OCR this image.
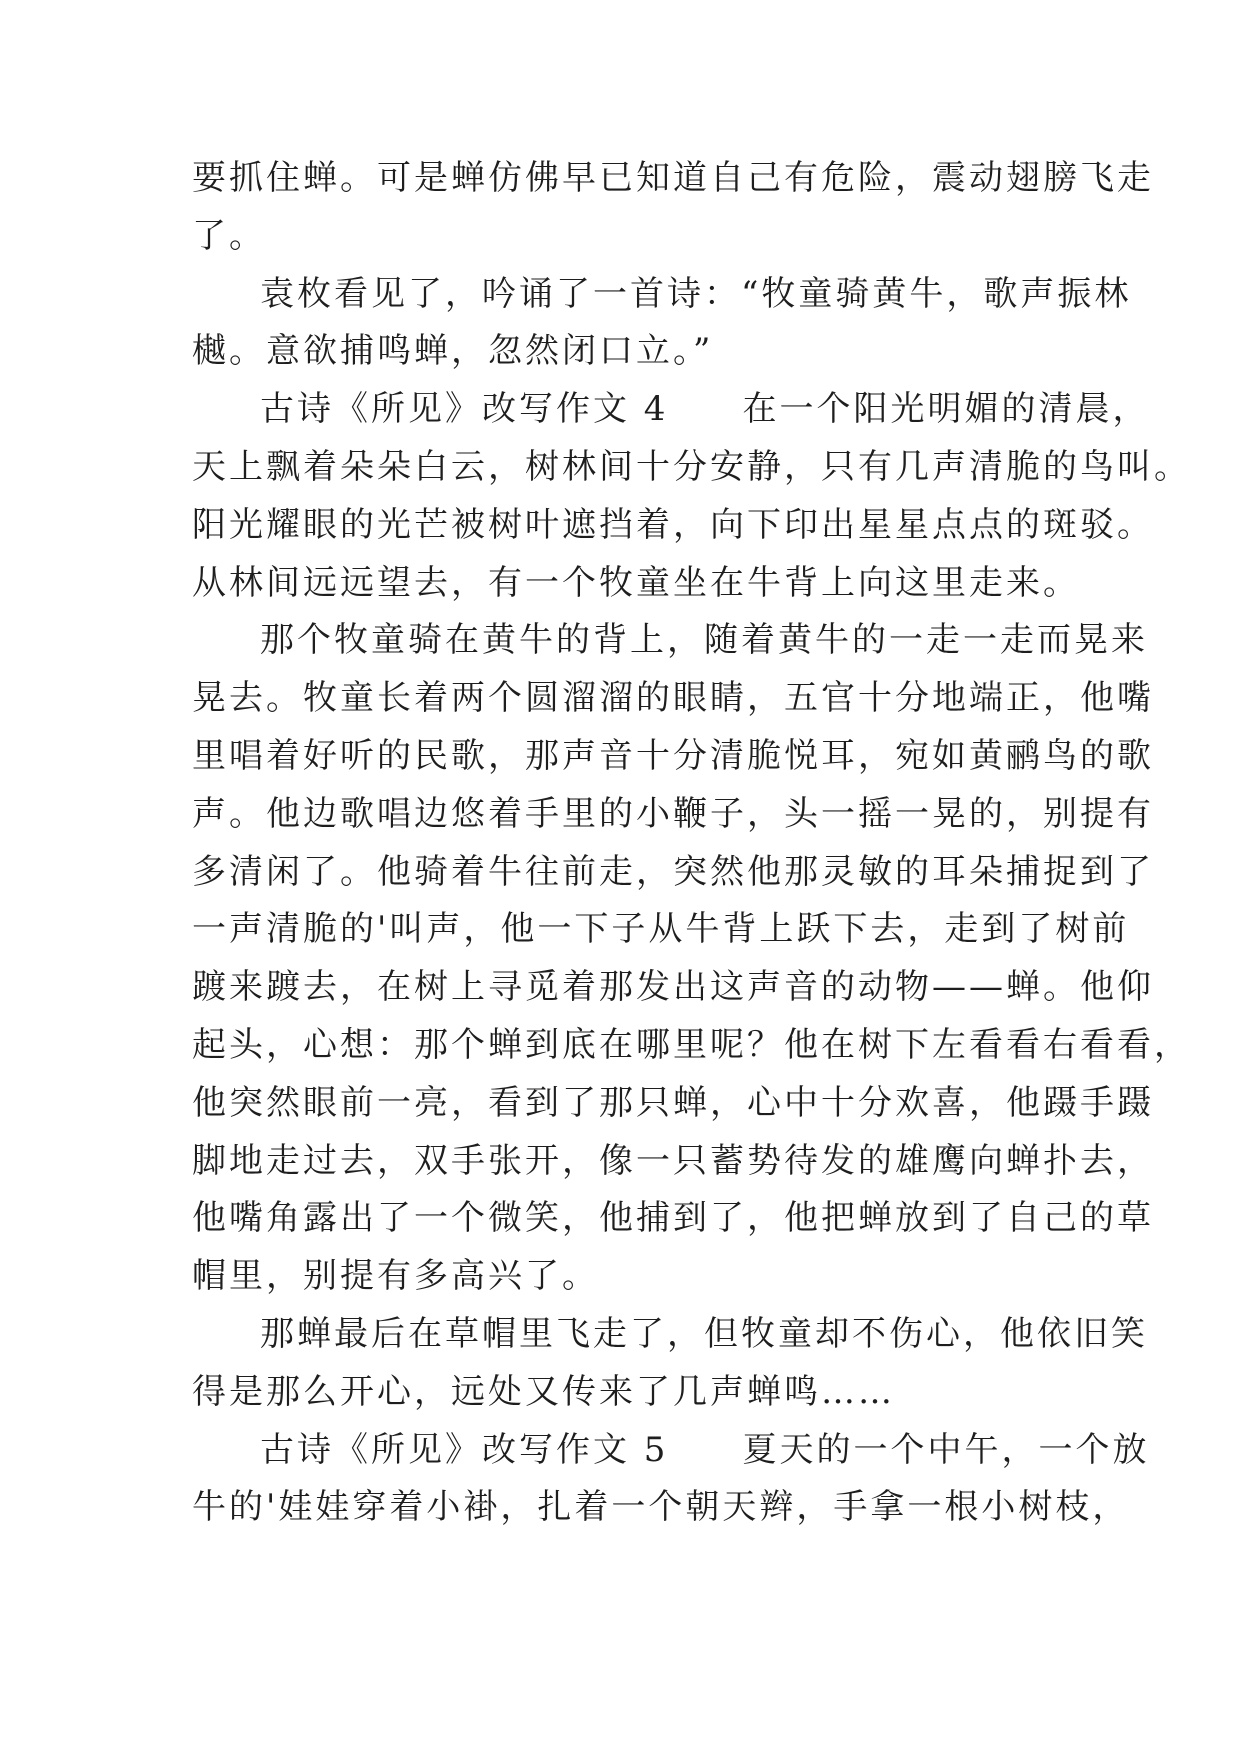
要抓住蝉。可是蝉仿佛早已知道自己有危险，震动翅膀飞走
了。
袁枚看见了，吟诵了一首诗：“牧童骑黄牛，歌声振林
樾。意欲捕鸣蝉，忽然闭口立。”
古诗《所见》改写作文 4　　在一个阳光明媚的清晨，
天上飘着朵朵白云，树林间十分安静，只有几声清脆的鸟叫。
阳光耀眼的光芒被树叶遮挡着，向下印出星星点点的斑驳。
从林间远远望去，有一个牧童坐在牛背上向这里走来。
那个牧童骑在黄牛的背上，随着黄牛的一走一走而晃来
晃去。牧童长着两个圆溜溜的眼睛，五官十分地端正，他嘴
里唱着好听的民歌，那声音十分清脆悦耳，宛如黄鹂鸟的歌
声。他边歌唱边悠着手里的小鞭子，头一摇一晃的，别提有
多清闲了。他骑着牛往前走，突然他那灵敏的耳朵捕捉到了
一声清脆的'叫声，他一下子从牛背上跃下去，走到了树前
踱来踱去，在树上寻觅着那发出这声音的动物——蝉。他仰
起头，心想：那个蝉到底在哪里呢？他在树下左看看右看看，
他突然眼前一亮，看到了那只蝉，心中十分欢喜，他蹑手蹑
脚地走过去，双手张开，像一只蓄势待发的雄鹰向蝉扑去，
他嘴角露出了一个微笑，他捕到了，他把蝉放到了自己的草
帽里，别提有多高兴了。
那蝉最后在草帽里飞走了，但牧童却不伤心，他依旧笑
得是那么开心，远处又传来了几声蝉鸣……
古诗《所见》改写作文 5　　夏天的一个中午，一个放
牛的'娃娃穿着小褂，扎着一个朝天辫，手拿一根小树枝，
